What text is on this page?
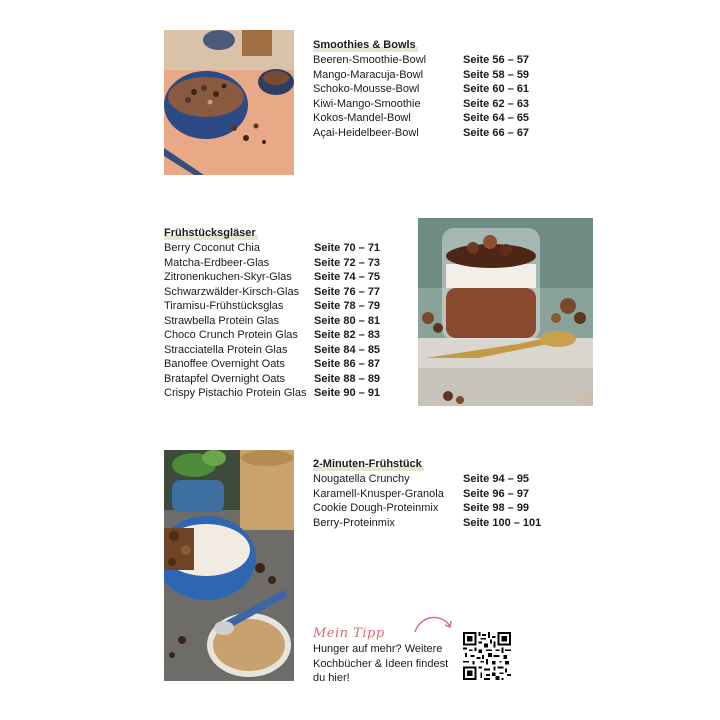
Smoothies & Bowls
Beeren-Smoothie-Bowl	Seite 56 – 57
Mango-Maracuja-Bowl	Seite 58 – 59
Schoko-Mousse-Bowl	Seite 60 – 61
Kiwi-Mango-Smoothie	Seite 62 – 63
Kokos-Mandel-Bowl	Seite 64 – 65
Açai-Heidelbeer-Bowl	Seite 66 – 67
Frühstücksgläser
Berry Coconut Chia	Seite 70 – 71
Matcha-Erdbeer-Glas	Seite 72 – 73
Zitronenkuchen-Skyr-Glas	Seite 74 – 75
Schwarzwälder-Kirsch-Glas	Seite 76 – 77
Tiramisu-Frühstücksglas	Seite 78 – 79
Strawbella Protein Glas	Seite 80 – 81
Choco Crunch Protein Glas	Seite 82 – 83
Stracciatella Protein Glas	Seite 84 – 85
Banoffee Overnight Oats	Seite 86 – 87
Bratapfel Overnight Oats	Seite 88 – 89
Crispy Pistachio Protein Glas Seite 90 – 91
2-Minuten-Frühstück
Nougatella Crunchy	Seite 94 – 95
Karamell-Knusper-Granola	Seite 96 – 97
Cookie Dough-Proteinmix	Seite 98 – 99
Berry-Proteinmix	Seite 100 – 101
Mein Tipp
Hunger auf mehr? Weitere Kochbücher & Ideen findest du hier!
